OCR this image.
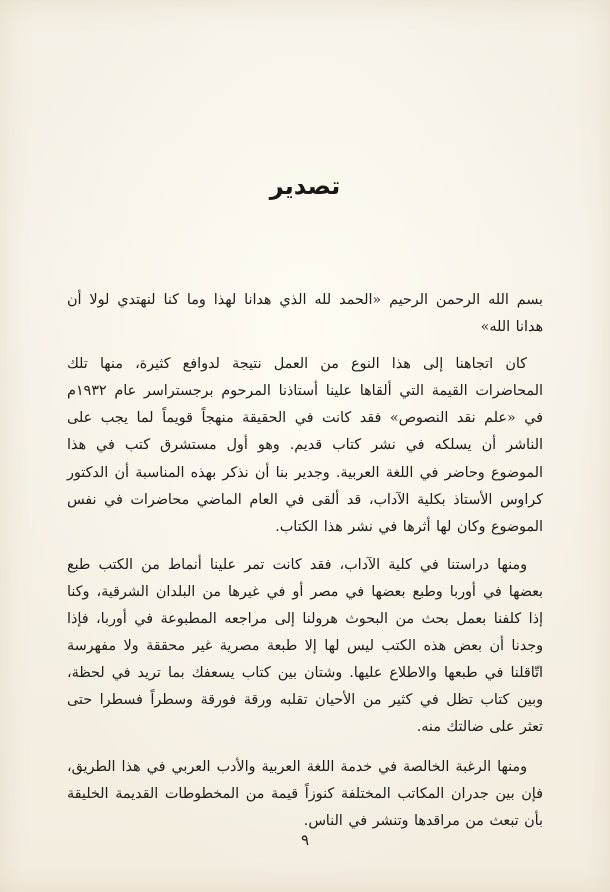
تصدير

بسم الله الرحمن الرحيم «الحمد لله الذي هدانا لهذا وما كنا لنهتدي لولا أن هدانا الله»

كان اتجاهنا إلى هذا النوع من العمل نتيجة لدوافع كثيرة، منها تلك المحاضرات القيمة التي ألقاها علينا أستاذنا المرحوم برجستراسر عام ١٩٣٢م في «علم نقد النصوص» فقد كانت في الحقيقة منهجاً قويماً لما يجب على الناشر أن يسلكه في نشر كتاب قديم. وهو أول مستشرق كتب في هذا الموضوع وحاضر في اللغة العربية. وجدير بنا أن نذكر بهذه المناسبة أن الدكتور كراوس الأستاذ بكلية الآداب، قد ألقى في العام الماضي محاضرات في نفس الموضوع وكان لها أثرها في نشر هذا الكتاب.

ومنها دراستنا في كلية الآداب، فقد كانت تمر علينا أنماط من الكتب طبع بعضها في أوربا وطبع بعضها في مصر أو في غيرها من البلدان الشرقية، وكنا إذا كلفنا بعمل بحث من البحوث هرولنا إلى مراجعه المطبوعة في أوربا، فإذا وجدنا أن بعض هذه الكتب ليس لها إلا طبعة مصرية غير محققة ولا مفهرسة اتّاقلنا في طبعها والاطلاع عليها. وشتان بين كتاب يسعفك بما تريد في لحظة، وبين كتاب تظل في كثير من الأحيان تقلبه ورقة فورقة وسطراً فسطرا حتى تعثر على ضالتك منه.

ومنها الرغبة الخالصة في خدمة اللغة العربية والأدب العربي في هذا الطريق، فإن بين جدران المكاتب المختلفة كنوزاً قيمة من المخطوطات القديمة الخليقة بأن تبعث من مراقدها وتنشر في الناس.

٩
